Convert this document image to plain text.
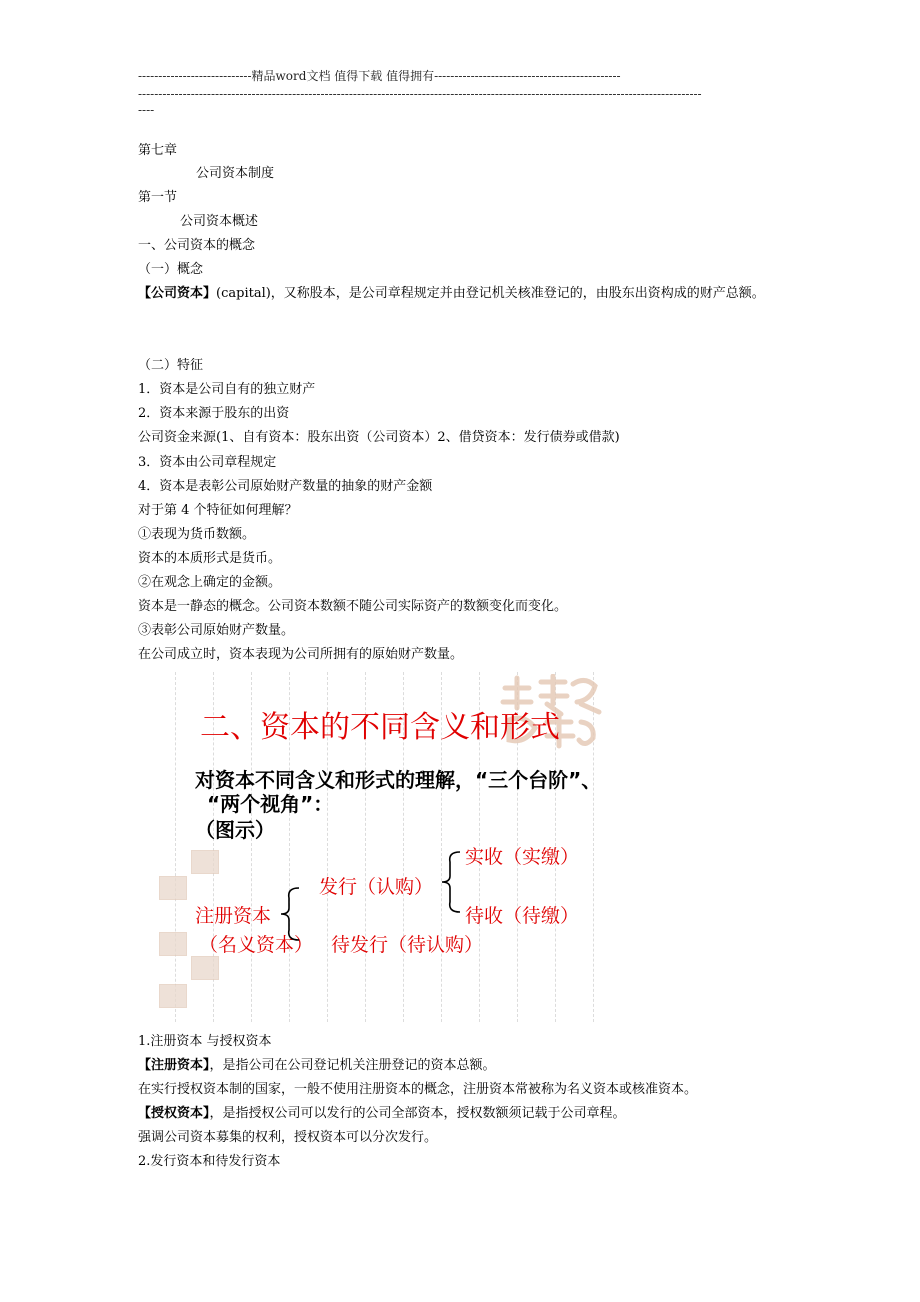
----------------------------精品word文档 值得下载 值得拥有----------------------------------------------
-------------------------------------------------------------------------------------------------------------------------------------------
----
第七章
公司资本制度
第一节
公司资本概述
一、公司资本的概念
（一）概念
【公司资本】(capital)，又称股本，是公司章程规定并由登记机关核准登记的，由股东出资构成的财产总额。
（二）特征
1．资本是公司自有的独立财产
2．资本来源于股东的出资
公司资金来源(1、自有资本：股东出资（公司资本）2、借贷资本：发行债券或借款)
3．资本由公司章程规定
4．资本是表彰公司原始财产数量的抽象的财产金额
对于第 4 个特征如何理解？
①表现为货币数额。
资本的本质形式是货币。
②在观念上确定的金额。
资本是一静态的概念。公司资本数额不随公司实际资产的数额变化而变化。
③表彰公司原始财产数量。
在公司成立时，资本表现为公司所拥有的原始财产数量。
二、资本的不同含义和形式
对资本不同含义和形式的理解，“三个台阶”、
“两个视角”：
（图示）
实收（实缴）
发行（认购）
待收（待缴）
注册资本
（名义资本） 待发行（待认购）
1.注册资本 与授权资本
【注册资本】，是指公司在公司登记机关注册登记的资本总额。
在实行授权资本制的国家，一般不使用注册资本的概念，注册资本常被称为名义资本或核准资本。
【授权资本】，是指授权公司可以发行的公司全部资本，授权数额须记载于公司章程。
强调公司资本募集的权利，授权资本可以分次发行。
2.发行资本和待发行资本
